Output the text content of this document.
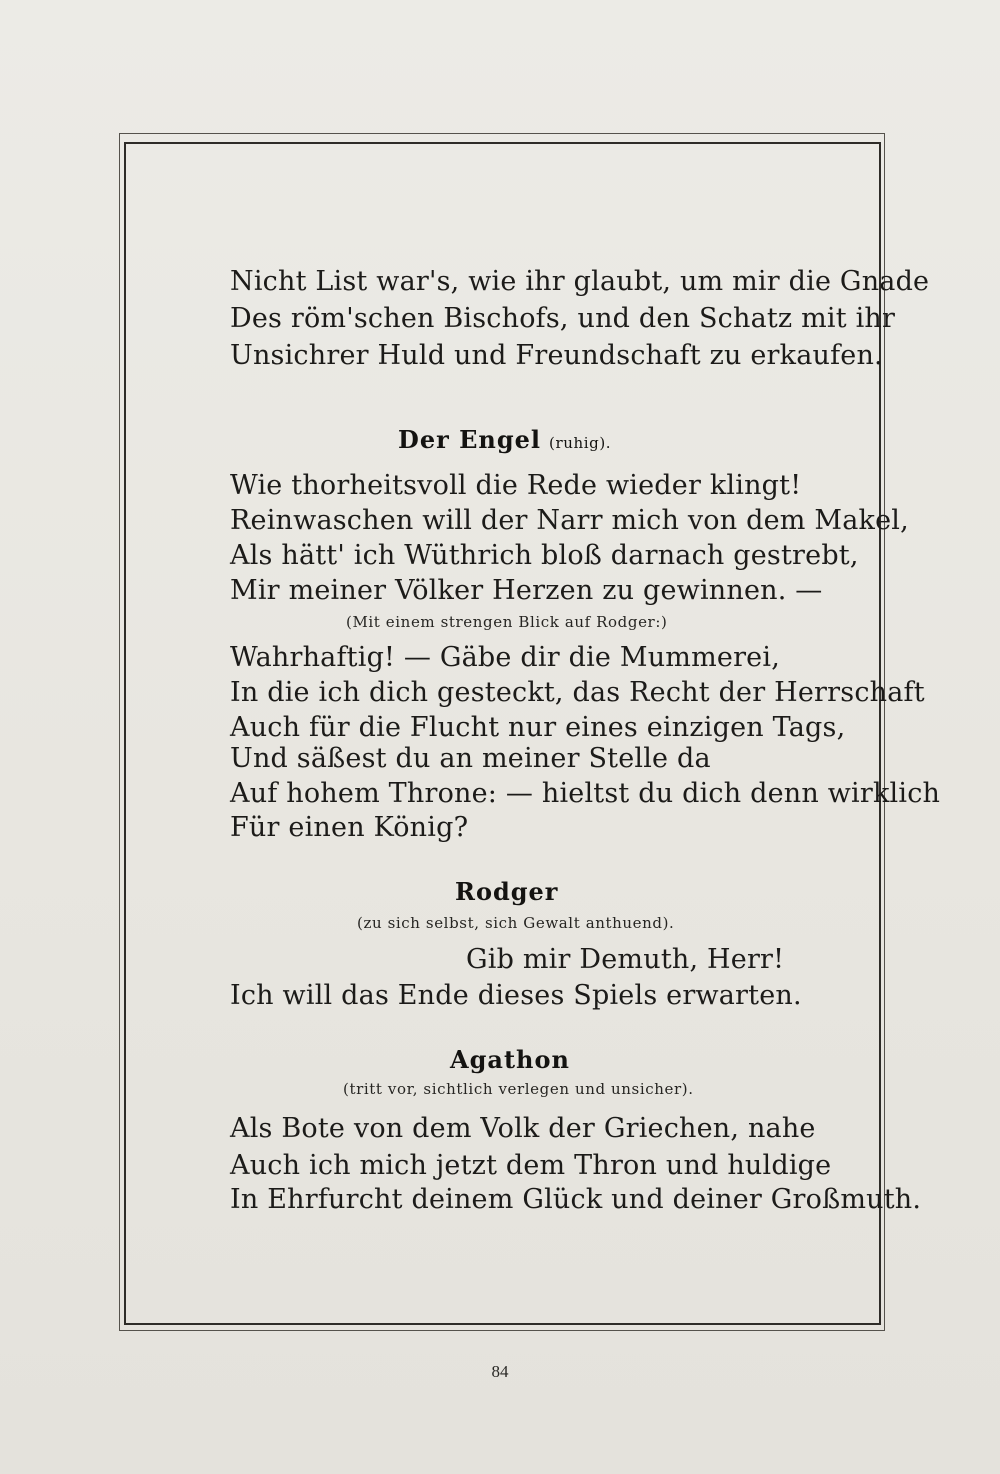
Nicht List war's, wie ihr glaubt, um mir die Gnade
Des röm'schen Bischofs, und den Schatz mit ihr
Unsichrer Huld und Freundschaft zu erkaufen.
Der Engel (ruhig).
Wie thorheitsvoll die Rede wieder klingt!
Reinwaschen will der Narr mich von dem Makel,
Als hätt' ich Wüthrich bloß darnach gestrebt,
Mir meiner Völker Herzen zu gewinnen. —
(Mit einem strengen Blick auf Rodger:)
Wahrhaftig! — Gäbe dir die Mummerei,
In die ich dich gesteckt, das Recht der Herrschaft
Auch für die Flucht nur eines einzigen Tags,
Und säßest du an meiner Stelle da
Auf hohem Throne: — hieltst du dich denn wirklich
Für einen König?
Rodger
(zu sich selbst, sich Gewalt anthuend).
Gib mir Demuth, Herr!
Ich will das Ende dieses Spiels erwarten.
Agathon
(tritt vor, sichtlich verlegen und unsicher).
Als Bote von dem Volk der Griechen, nahe
Auch ich mich jetzt dem Thron und huldige
In Ehrfurcht deinem Glück und deiner Großmuth.
84
